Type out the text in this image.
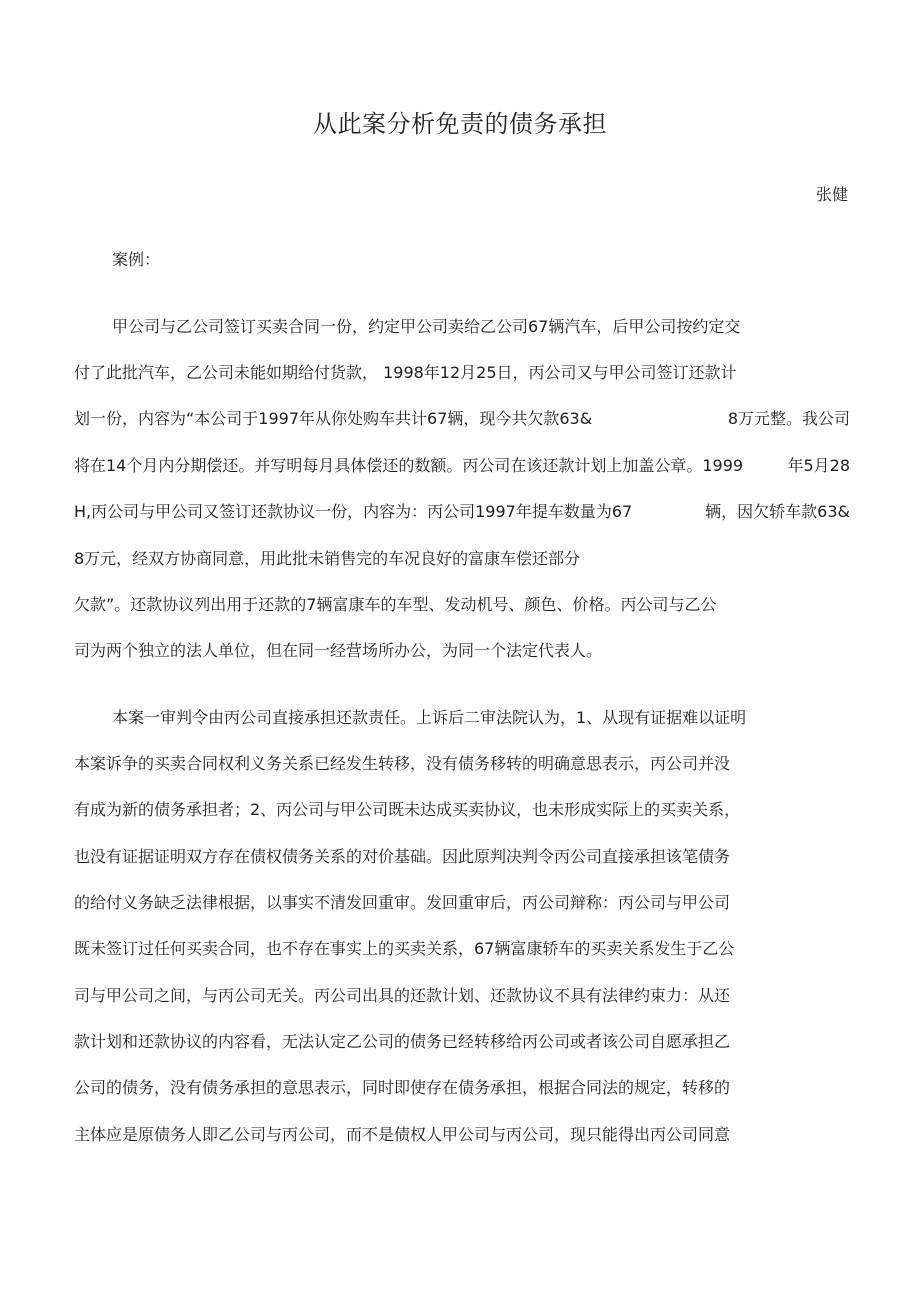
从此案分析免责的债务承担
张健
案例：
甲公司与乙公司签订买卖合同一份，约定甲公司卖给乙公司67辆汽车，后甲公司按约定交
付了此批汽车，乙公司未能如期给付货款， 1998年12月25日，丙公司又与甲公司签订还款计
划一份，内容为“本公司于1997年从你处购车共计67辆，现今共欠款63&	8万元整。我公司
将在14个月内分期偿还。并写明每月具体偿还的数额。丙公司在该还款计划上加盖公章。1999	年5月28
H,丙公司与甲公司又签订还款协议一份，内容为：丙公司1997年提车数量为67	辆，因欠轿车款63&
8万元，经双方协商同意，用此批未销售完的车况良好的富康车偿还部分
欠款”。还款协议列出用于还款的7辆富康车的车型、发动机号、颜色、价格。丙公司与乙公
司为两个独立的法人单位，但在同一经营场所办公，为同一个法定代表人。
本案一审判令由丙公司直接承担还款责任。上诉后二审法院认为，1、从现有证据难以证明
本案诉争的买卖合同权利义务关系已经发生转移，没有债务移转的明确意思表示，丙公司并没
有成为新的债务承担者；2、丙公司与甲公司既未达成买卖协议，也未形成实际上的买卖关系，
也没有证据证明双方存在债权债务关系的对价基础。因此原判决判令丙公司直接承担该笔债务
的给付义务缺乏法律根据，以事实不清发回重审。发回重审后，丙公司辩称：丙公司与甲公司
既未签订过任何买卖合同，也不存在事实上的买卖关系，67辆富康轿车的买卖关系发生于乙公
司与甲公司之间，与丙公司无关。丙公司出具的还款计划、还款协议不具有法律约束力：从还
款计划和还款协议的内容看，无法认定乙公司的债务已经转移给丙公司或者该公司自愿承担乙
公司的债务，没有债务承担的意思表示，同时即使存在债务承担，根据合同法的规定，转移的
主体应是原债务人即乙公司与丙公司，而不是债权人甲公司与丙公司，现只能得出丙公司同意
